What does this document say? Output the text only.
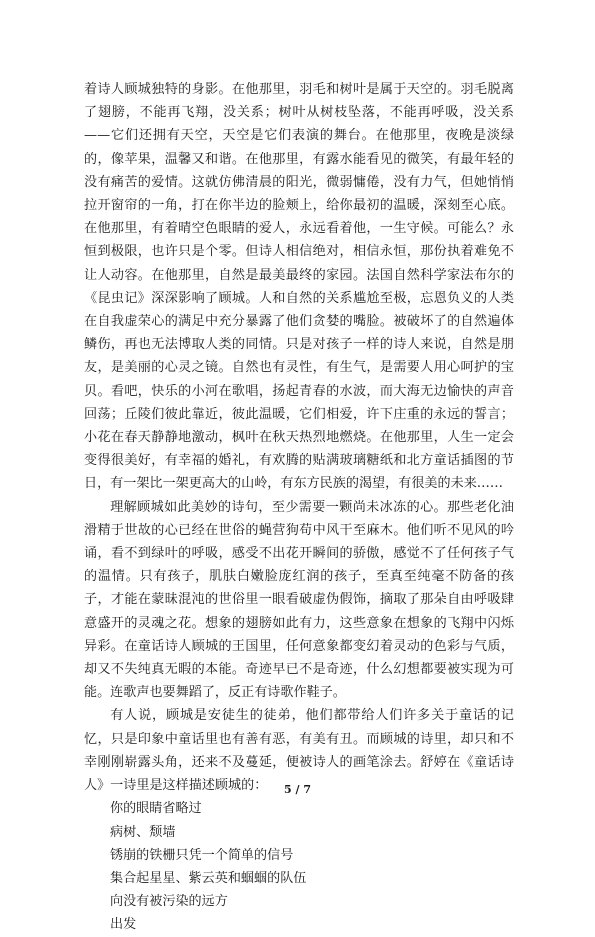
着诗人顾城独特的身影。在他那里，羽毛和树叶是属于天空的。羽毛脱离了翅膀，不能再飞翔，没关系；树叶从树枝坠落，不能再呼吸，没关系——它们还拥有天空，天空是它们表演的舞台。在他那里，夜晚是淡绿的，像苹果，温馨又和谐。在他那里，有露水能看见的微笑，有最年轻的没有痛苦的爱情。这就仿佛清晨的阳光，微弱慵倦，没有力气，但她悄悄拉开窗帘的一角，打在你半边的脸颊上，给你最初的温暖，深刻至心底。在他那里，有着晴空色眼睛的爱人，永远看着他，一生守候。可能么？永恒到极限，也许只是个零。但诗人相信绝对，相信永恒，那份执着难免不让人动容。在他那里，自然是最美最终的家园。法国自然科学家法布尔的《昆虫记》深深影响了顾城。人和自然的关系尴尬至极，忘恩负义的人类在自我虚荣心的满足中充分暴露了他们贪婪的嘴脸。被破坏了的自然遍体鳞伤，再也无法博取人类的同情。只是对孩子一样的诗人来说，自然是朋友，是美丽的心灵之镜。自然也有灵性，有生气，是需要人用心呵护的宝贝。看吧，快乐的小河在歌唱，扬起青春的水波，而大海无边愉快的声音回荡；丘陵们彼此靠近，彼此温暖，它们相爱，许下庄重的永远的誓言；小花在春天静静地激动，枫叶在秋天热烈地燃烧。在他那里，人生一定会变得很美好，有幸福的婚礼，有欢腾的贴满玻璃糖纸和北方童话插图的节日，有一架比一架更高大的山岭，有东方民族的渴望，有很美的未来……

理解顾城如此美妙的诗句，至少需要一颗尚未冰冻的心。那些老化油滑精于世故的心已经在世俗的蝇营狗苟中风干至麻木。他们听不见风的吟诵，看不到绿叶的呼吸，感受不出花开瞬间的骄傲，感觉不了任何孩子气的温情。只有孩子，肌肤白嫩脸庞红润的孩子，至真至纯毫不防备的孩子，才能在蒙昧混沌的世俗里一眼看破虚伪假饰，摘取了那朵自由呼吸肆意盛开的灵魂之花。想象的翅膀如此有力，这些意象在想象的飞翔中闪烁异彩。在童话诗人顾城的王国里，任何意象都变幻着灵动的色彩与气质，却又不失纯真无暇的本能。奇迹早已不是奇迹，什么幻想都要被实现为可能。连歌声也要舞蹈了，反正有诗歌作鞋子。

有人说，顾城是安徒生的徒弟，他们都带给人们许多关于童话的记忆，只是印象中童话里也有善有恶，有美有丑。而顾城的诗里，却只和不幸刚刚崭露头角，还来不及蔓延，便被诗人的画笔涂去。舒婷在《童话诗人》一诗里是这样描述顾城的：

你的眼睛省略过
病树、颓墙
锈崩的铁栅只凭一个简单的信号
集合起星星、紫云英和蝈蝈的队伍
向没有被污染的远方
出发
5 / 7
